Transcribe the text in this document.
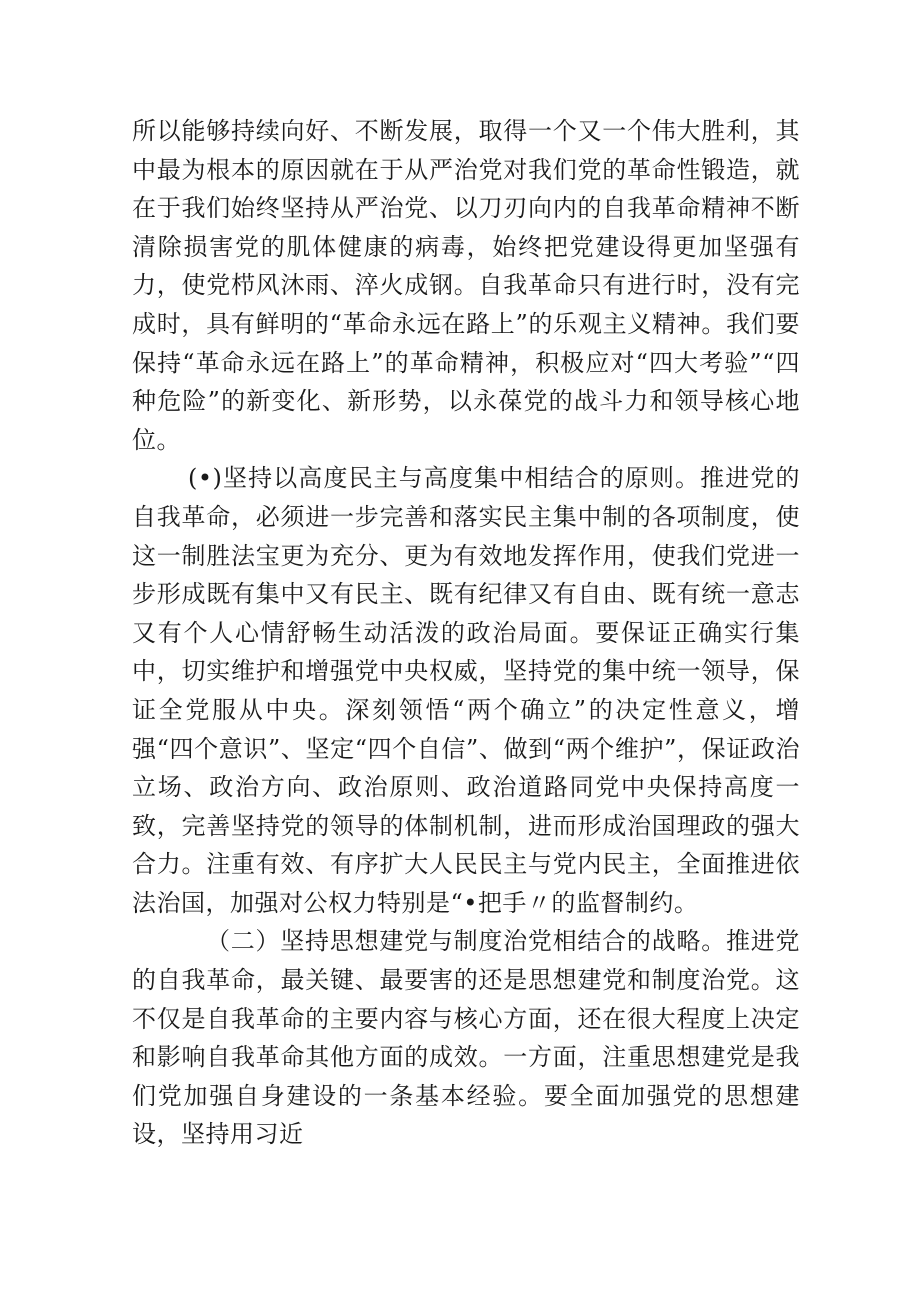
所以能够持续向好、不断发展，取得一个又一个伟大胜利，其中最为根本的原因就在于从严治党对我们党的革命性锻造，就在于我们始终坚持从严治党、以刀刃向内的自我革命精神不断清除损害党的肌体健康的病毒，始终把党建设得更加坚强有力，使党栉风沐雨、淬火成钢。自我革命只有进行时，没有完成时，具有鲜明的“革命永远在路上”的乐观主义精神。我们要保持“革命永远在路上”的革命精神，积极应对“四大考验”“四种危险”的新变化、新形势，以永葆党的战斗力和领导核心地位。

(•)坚持以高度民主与高度集中相结合的原则。推进党的自我革命，必须进一步完善和落实民主集中制的各项制度，使这一制胜法宝更为充分、更为有效地发挥作用，使我们党进一步形成既有集中又有民主、既有纪律又有自由、既有统一意志又有个人心情舒畅生动活泼的政治局面。要保证正确实行集中，切实维护和增强党中央权威，坚持党的集中统一领导，保证全党服从中央。深刻领悟“两个确立”的决定性意义，增强“四个意识”、坚定“四个自信”、做到“两个维护”，保证政治立场、政治方向、政治原则、政治道路同党中央保持高度一致，完善坚持党的领导的体制机制，进而形成治国理政的强大合力。注重有效、有序扩大人民民主与党内民主，全面推进依法治国，加强对公权力特别是“•把手〃的监督制约。

（二）坚持思想建党与制度治党相结合的战略。推进党的自我革命，最关键、最要害的还是思想建党和制度治党。这不仅是自我革命的主要内容与核心方面，还在很大程度上决定和影响自我革命其他方面的成效。一方面，注重思想建党是我们党加强自身建设的一条基本经验。要全面加强党的思想建设，坚持用习近
